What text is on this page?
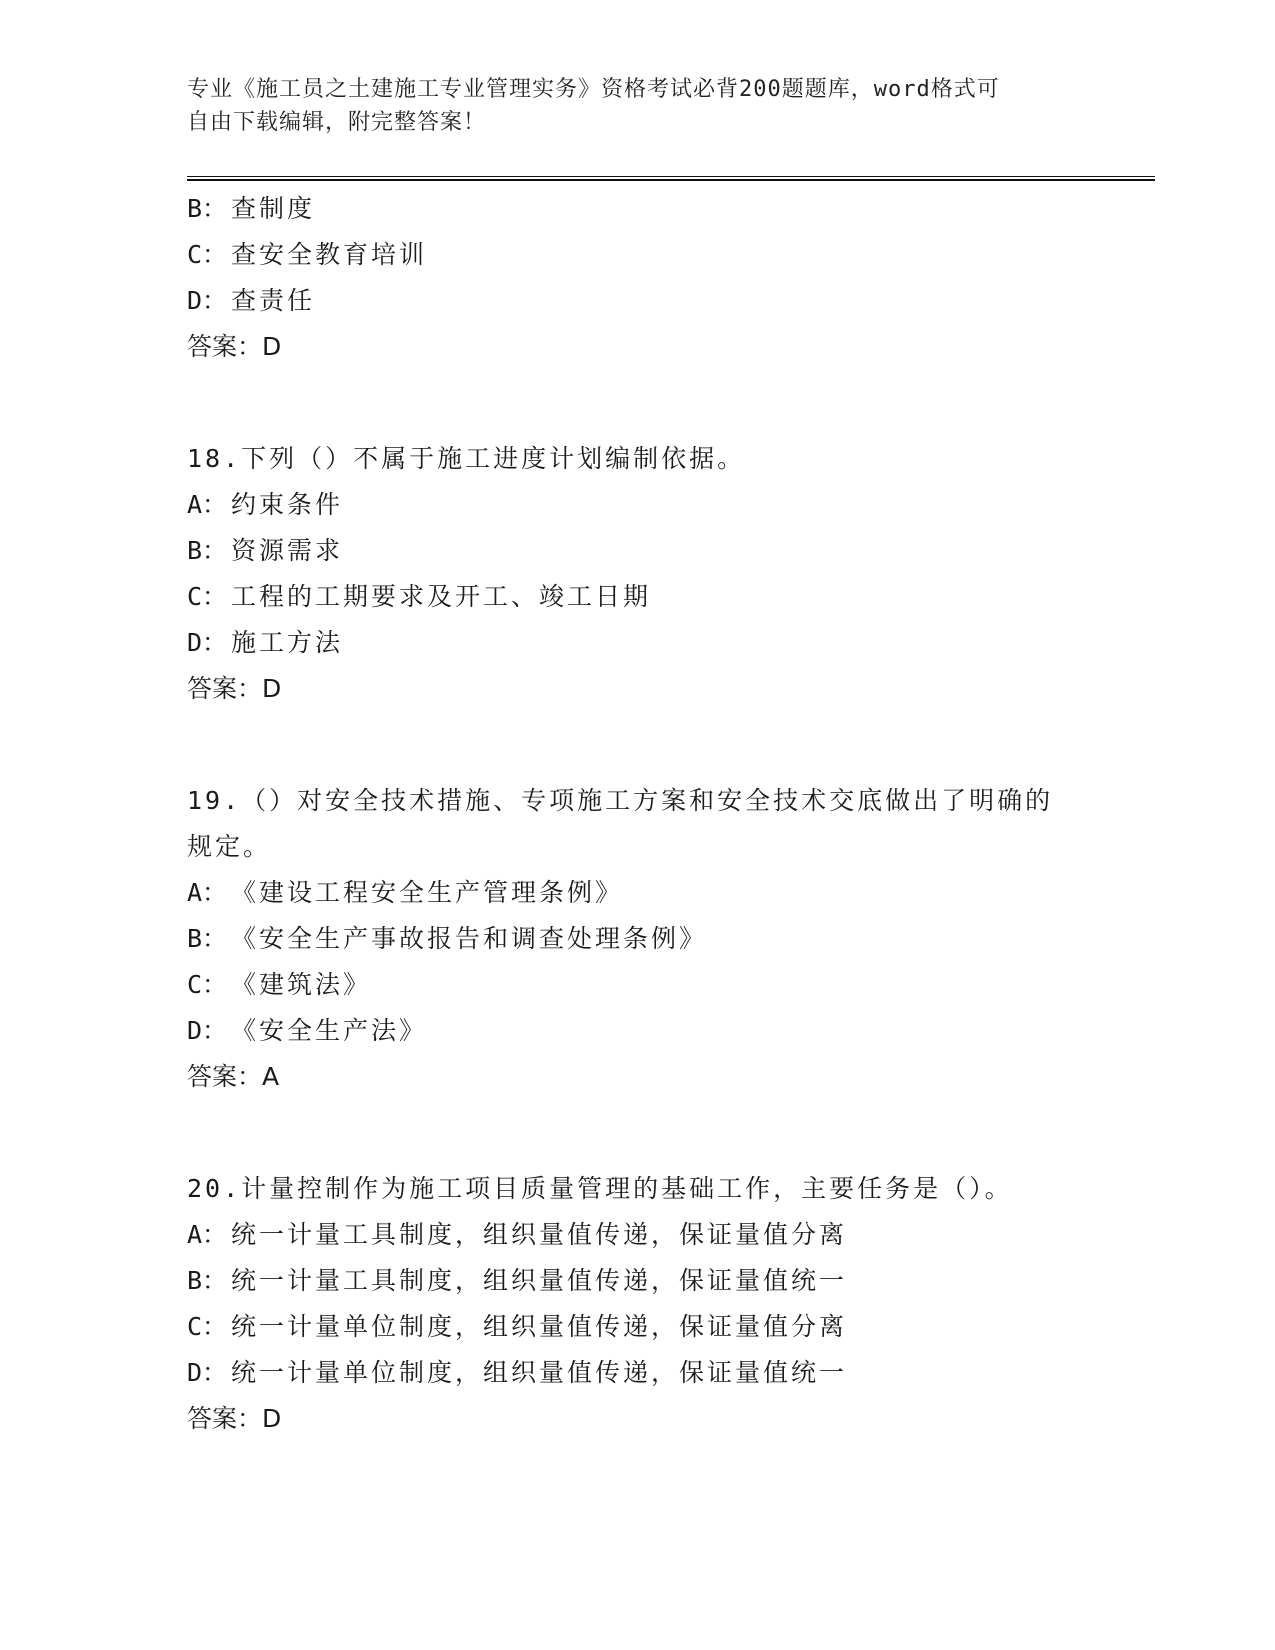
专业《施工员之土建施工专业管理实务》资格考试必背200题题库，word格式可
自由下载编辑，附完整答案！
B： 查制度
C： 查安全教育培训
D： 查责任
答案：D
18.下列（）不属于施工进度计划编制依据。
A： 约束条件
B： 资源需求
C： 工程的工期要求及开工、竣工日期
D： 施工方法
答案：D
19.（）对安全技术措施、专项施工方案和安全技术交底做出了明确的
规定。
A： 《建设工程安全生产管理条例》
B： 《安全生产事故报告和调查处理条例》
C： 《建筑法》
D： 《安全生产法》
答案：A
20.计量控制作为施工项目质量管理的基础工作，主要任务是（）。
A： 统一计量工具制度，组织量值传递，保证量值分离
B： 统一计量工具制度，组织量值传递，保证量值统一
C： 统一计量单位制度，组织量值传递，保证量值分离
D： 统一计量单位制度，组织量值传递，保证量值统一
答案：D
